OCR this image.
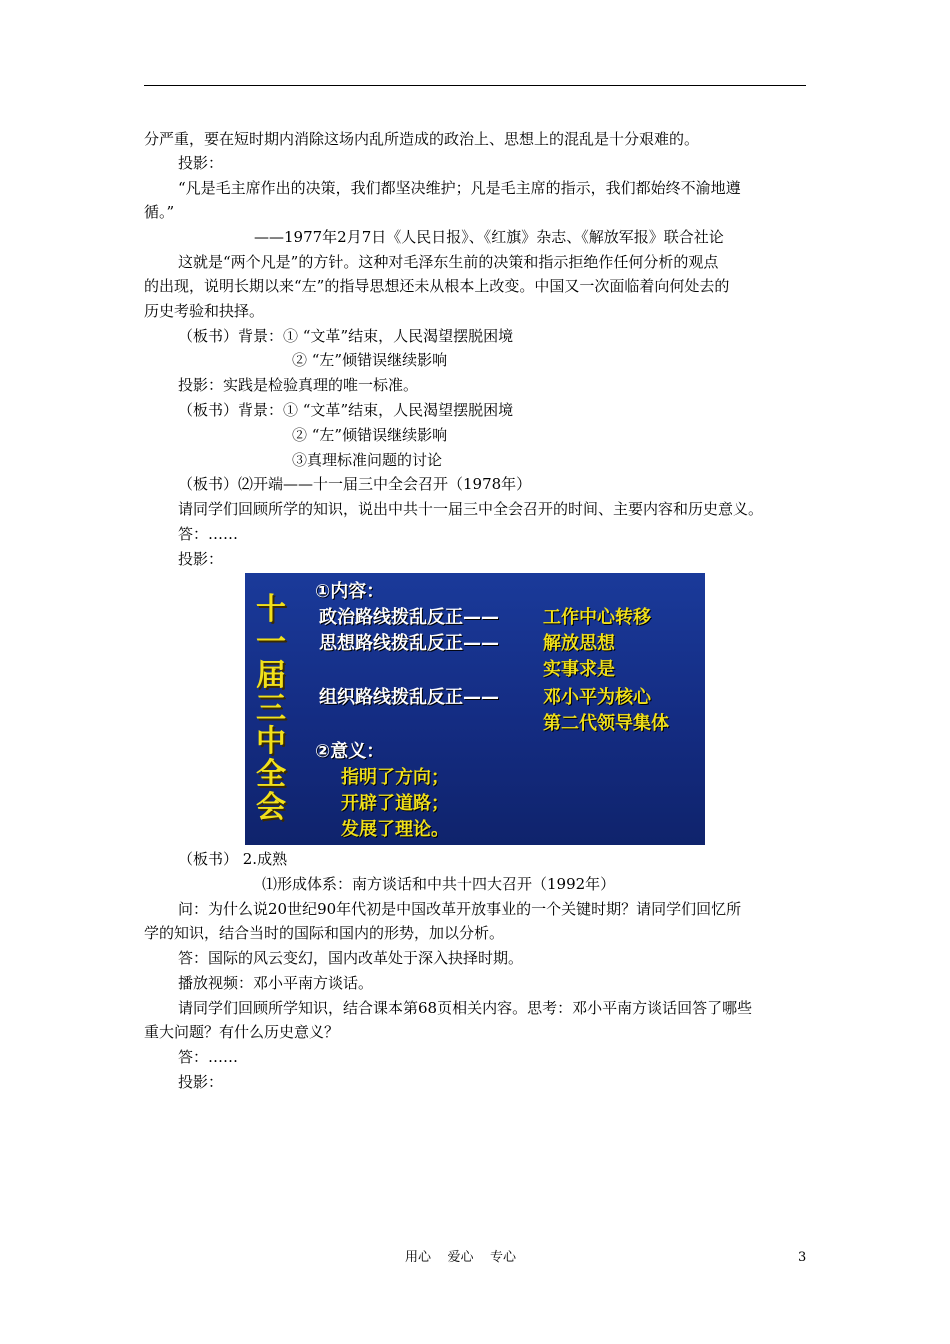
分严重，要在短时期内消除这场内乱所造成的政治上、思想上的混乱是十分艰难的。
投影：
“凡是毛主席作出的决策，我们都坚决维护；凡是毛主席的指示，我们都始终不渝地遵
循。”
——1977年2月7日《人民日报》、《红旗》杂志、《解放军报》联合社论
这就是“两个凡是”的方针。这种对毛泽东生前的决策和指示拒绝作任何分析的观点
的出现，说明长期以来“左”的指导思想还未从根本上改变。中国又一次面临着向何处去的
历史考验和抉择。
（板书）背景：① “文革”结束，人民渴望摆脱困境
② “左”倾错误继续影响
投影：实践是检验真理的唯一标准。
（板书）背景：① “文革”结束，人民渴望摆脱困境
② “左”倾错误继续影响
③真理标准问题的讨论
（板书）⑵开端——十一届三中全会召开（1978年）
请同学们回顾所学的知识，说出中共十一届三中全会召开的时间、主要内容和历史意义。
答：……
投影：
十
一
届
三
中
全
会
①内容：
政治路线拨乱反正—— 工作中心转移
思想路线拨乱反正—— 解放思想
实事求是
组织路线拨乱反正—— 邓小平为核心
第二代领导集体
②意义：
指明了方向；
开辟了道路；
发展了理论。
（板书） 2.成熟
⑴形成体系：南方谈话和中共十四大召开（1992年）
问：为什么说20世纪90年代初是中国改革开放事业的一个关键时期？请同学们回忆所
学的知识，结合当时的国际和国内的形势，加以分析。
答：国际的风云变幻，国内改革处于深入抉择时期。
播放视频：邓小平南方谈话。
请同学们回顾所学知识，结合课本第68页相关内容。思考：邓小平南方谈话回答了哪些
重大问题？有什么历史意义？
答：……
投影：
用心    爱心    专心	3
